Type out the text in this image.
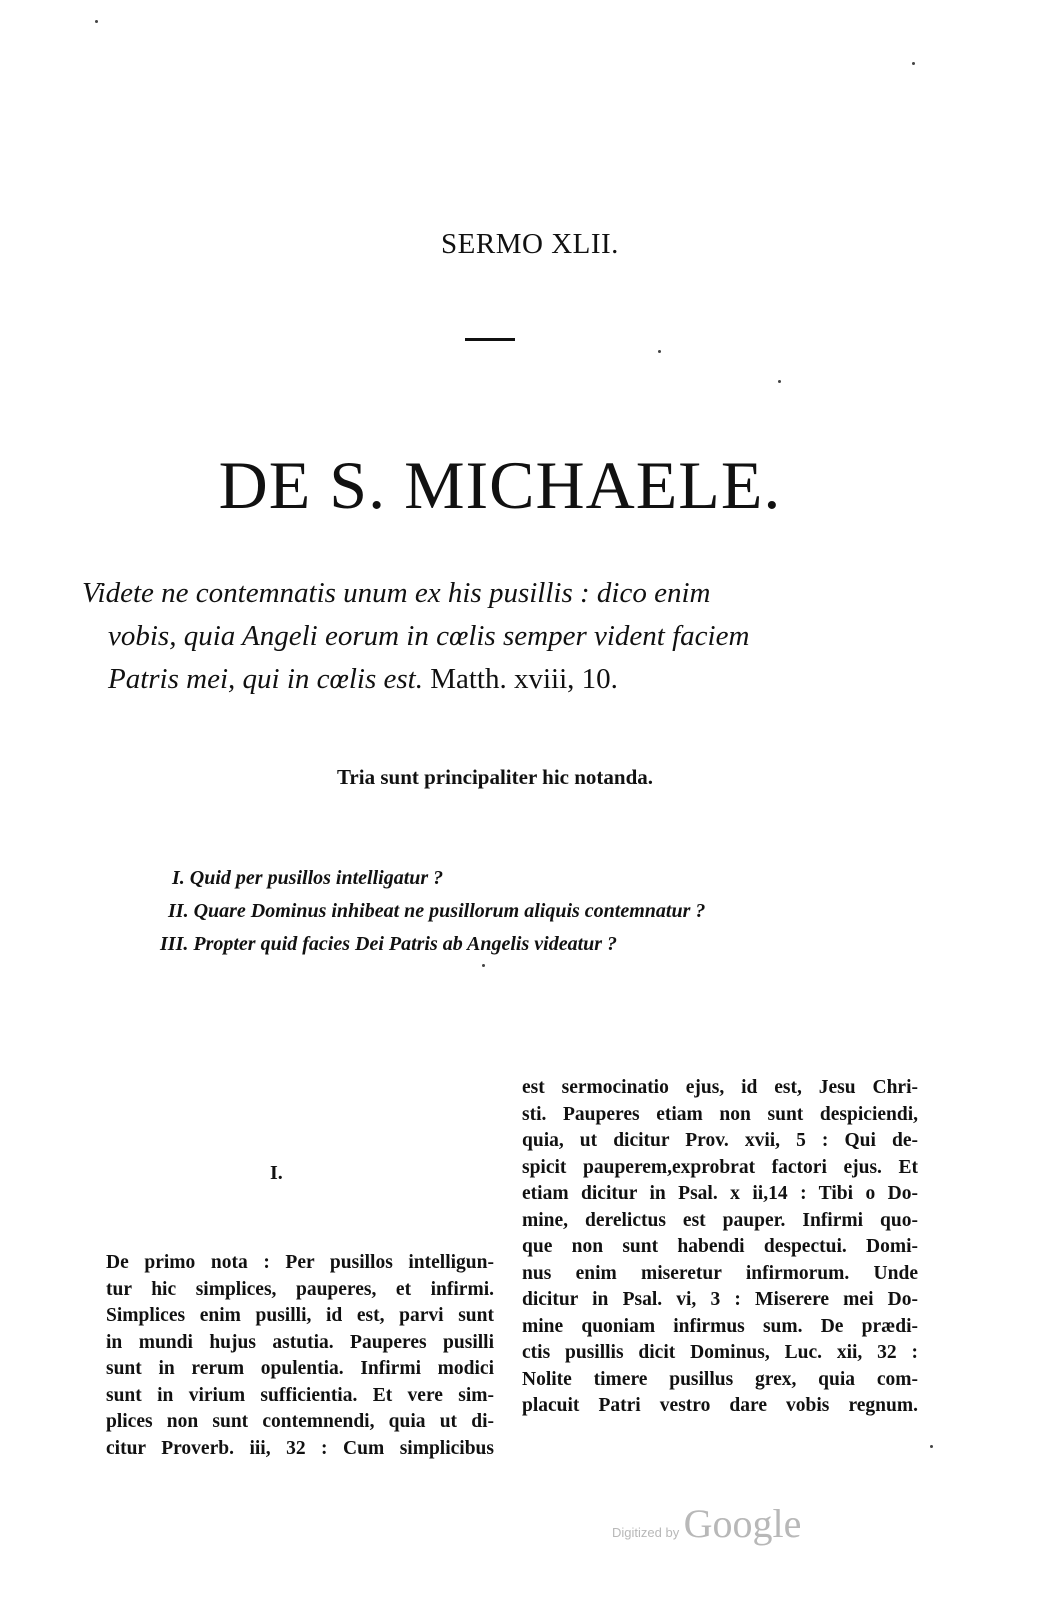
SERMO XLII.
DE S. MICHAELE.
Videte ne contemnatis unum ex his pusillis : dico enim
vobis, quia Angeli eorum in cœlis semper vident faciem
Patris mei, qui in cœlis est. Matth. xviii, 10.
Tria sunt principaliter hic notanda.
I. Quid per pusillos intelligatur ?
II. Quare Dominus inhibeat ne pusillorum aliquis contemnatur ?
III. Propter quid facies Dei Patris ab Angelis videatur ?
I.
De primo nota : Per pusillos intelligun-
tur hic simplices, pauperes, et infirmi.
Simplices enim pusilli, id est, parvi sunt
in mundi hujus astutia. Pauperes pusilli
sunt in rerum opulentia. Infirmi modici
sunt in virium sufficientia. Et vere sim-
plices non sunt contemnendi, quia ut di-
citur Proverb. iii, 32 : Cum simplicibus
est sermocinatio ejus, id est, Jesu Chri-
sti. Pauperes etiam non sunt despiciendi,
quia, ut dicitur Prov. xvii, 5 : Qui de-
spicit pauperem,exprobrat factori ejus. Et
etiam dicitur in Psal. x ii,14 : Tibi o Do-
mine, derelictus est pauper. Infirmi quo-
que non sunt habendi despectui. Domi-
nus enim miseretur infirmorum. Unde
dicitur in Psal. vi, 3 : Miserere mei Do-
mine quoniam infirmus sum. De prædi-
ctis pusillis dicit Dominus, Luc. xii, 32 :
Nolite timere pusillus grex, quia com-
placuit Patri vestro dare vobis regnum.
Digitized by Google
